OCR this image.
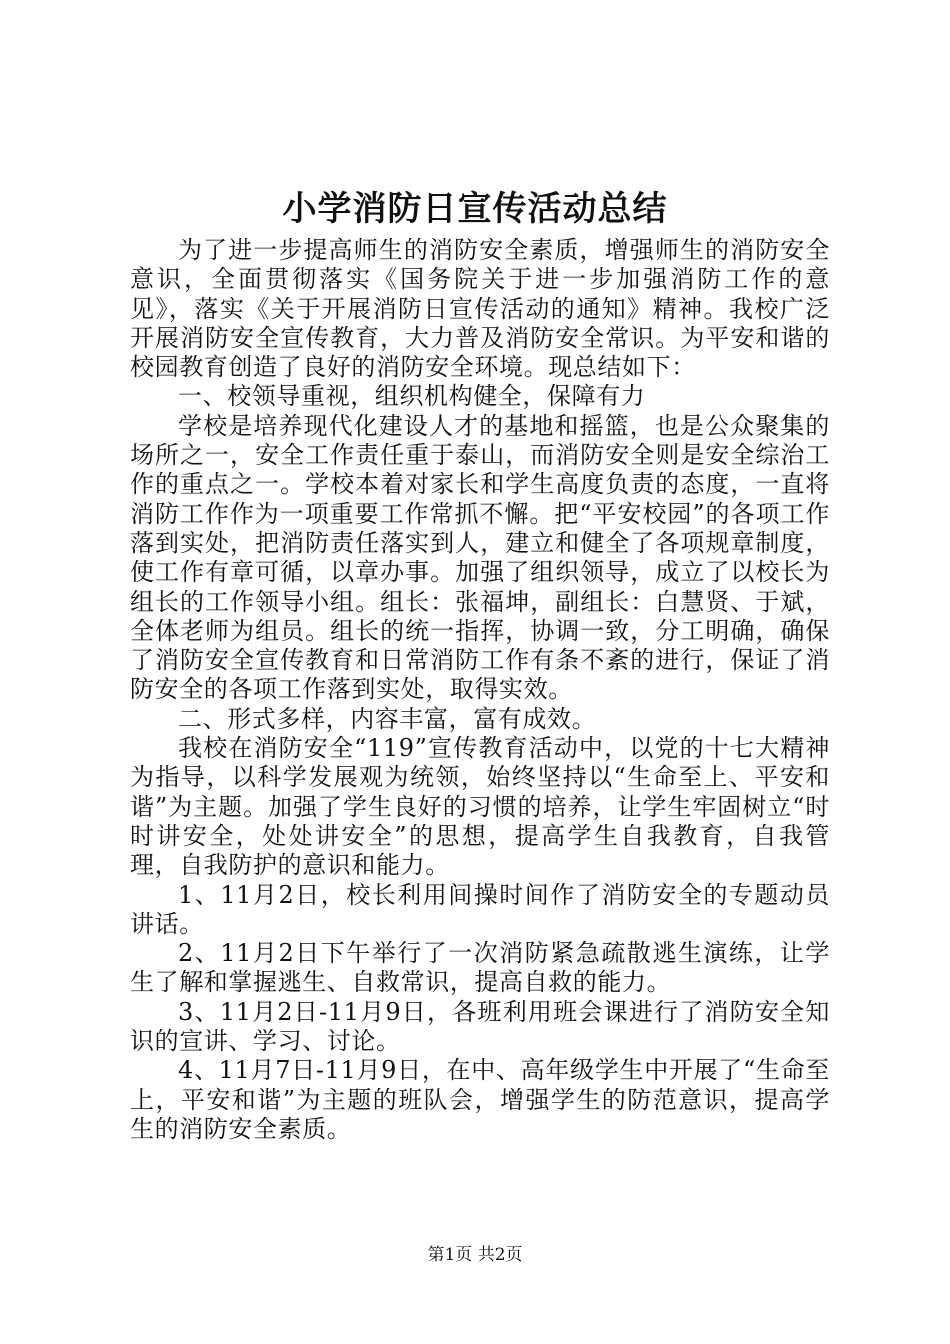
小学消防日宣传活动总结

为了进一步提高师生的消防安全素质，增强师生的消防安全意识，全面贯彻落实《国务院关于进一步加强消防工作的意见》，落实《关于开展消防日宣传活动的通知》精神。我校广泛开展消防安全宣传教育，大力普及消防安全常识。为平安和谐的校园教育创造了良好的消防安全环境。现总结如下：

一、校领导重视，组织机构健全，保障有力

学校是培养现代化建设人才的基地和摇篮，也是公众聚集的场所之一，安全工作责任重于泰山，而消防安全则是安全综治工作的重点之一。学校本着对家长和学生高度负责的态度，一直将消防工作作为一项重要工作常抓不懈。把“平安校园”的各项工作落到实处，把消防责任落实到人，建立和健全了各项规章制度，使工作有章可循，以章办事。加强了组织领导，成立了以校长为组长的工作领导小组。组长：张福坤，副组长：白慧贤、于斌，全体老师为组员。组长的统一指挥，协调一致，分工明确，确保了消防安全宣传教育和日常消防工作有条不紊的进行，保证了消防安全的各项工作落到实处，取得实效。

二、形式多样，内容丰富，富有成效。

我校在消防安全“119”宣传教育活动中，以党的十七大精神为指导，以科学发展观为统领，始终坚持以“生命至上、平安和谐”为主题。加强了学生良好的习惯的培养，让学生牢固树立“时时讲安全，处处讲安全”的思想，提高学生自我教育，自我管理，自我防护的意识和能力。

1、11月2日，校长利用间操时间作了消防安全的专题动员讲话。

2、11月2日下午举行了一次消防紧急疏散逃生演练，让学生了解和掌握逃生、自救常识，提高自救的能力。

3、11月2日-11月9日，各班利用班会课进行了消防安全知识的宣讲、学习、讨论。

4、11月7日-11月9日，在中、高年级学生中开展了“生命至上，平安和谐”为主题的班队会，增强学生的防范意识，提高学生的消防安全素质。

第1页 共2页
